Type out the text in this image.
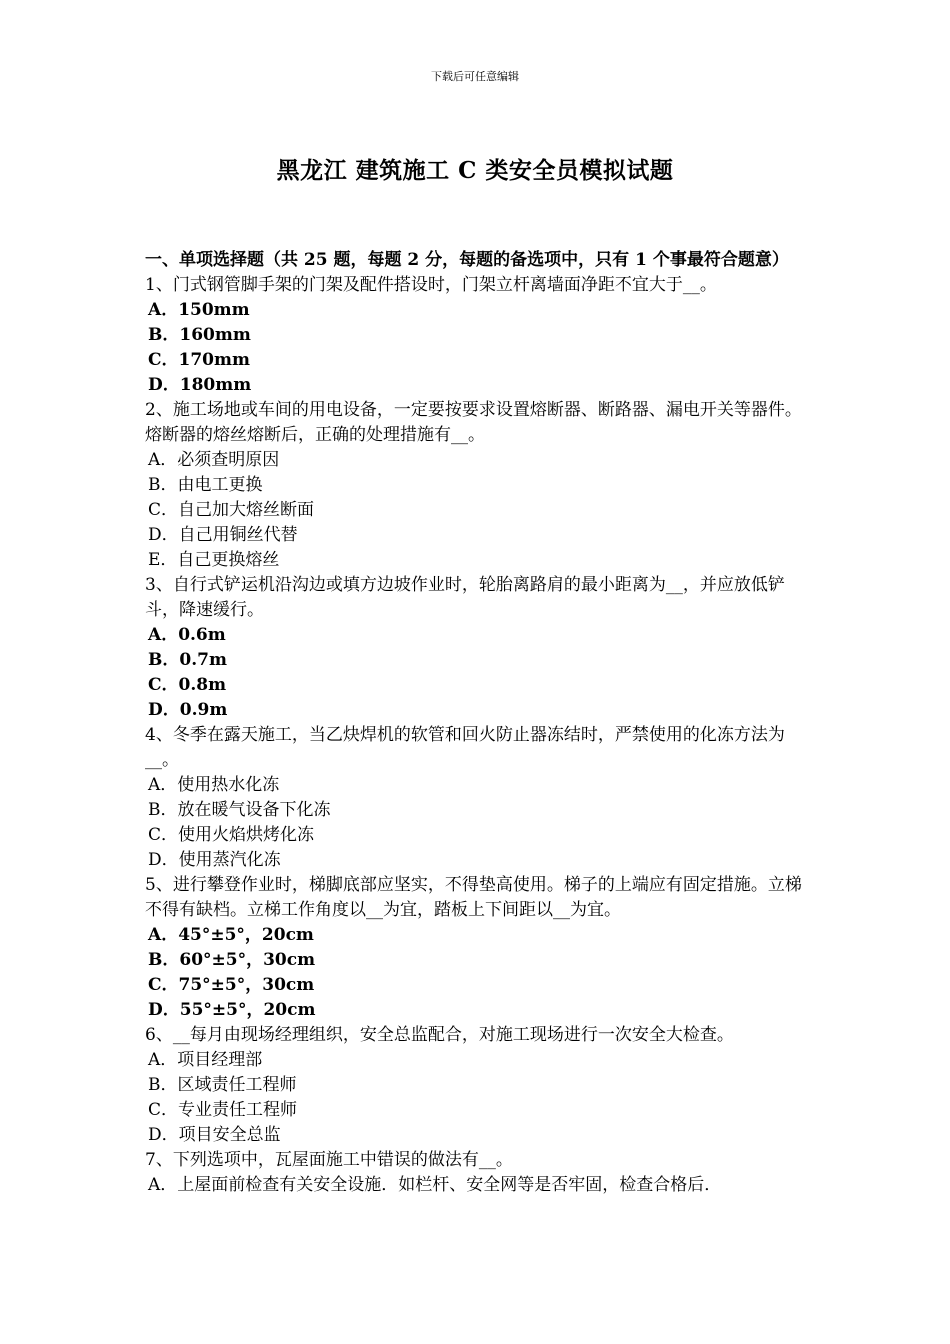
下载后可任意编辑
黑龙江 建筑施工 C 类安全员模拟试题

一、单项选择题（共 25 题，每题 2 分，每题的备选项中，只有 1 个事最符合题意）

1、门式钢管脚手架的门架及配件搭设时，门架立杆离墙面净距不宜大于__。

A．150mm

B．160mm

C．170mm

D．180mm

2、施工场地或车间的用电设备，一定要按要求设置熔断器、断路器、漏电开关等器件。熔断器的熔丝熔断后，正确的处理措施有__。

A．必须查明原因

B．由电工更换

C．自己加大熔丝断面

D．自己用铜丝代替

E．自己更换熔丝

3、自行式铲运机沿沟边或填方边坡作业时，轮胎离路肩的最小距离为__，并应放低铲斗，降速缓行。

A．0.6m

B．0.7m

C．0.8m

D．0.9m

4、冬季在露天施工，当乙炔焊机的软管和回火防止器冻结时，严禁使用的化冻方法为__。

A．使用热水化冻

B．放在暖气设备下化冻

C．使用火焰烘烤化冻

D．使用蒸汽化冻

5、进行攀登作业时，梯脚底部应坚实，不得垫高使用。梯子的上端应有固定措施。立梯不得有缺档。立梯工作角度以__为宜，踏板上下间距以__为宜。

A．45°±5°，20cm

B．60°±5°，30cm

C．75°±5°，30cm

D．55°±5°，20cm

6、__每月由现场经理组织，安全总监配合，对施工现场进行一次安全大检查。

A．项目经理部

B．区域责任工程师

C．专业责任工程师

D．项目安全总监

7、下列选项中，瓦屋面施工中错误的做法有__。

A．上屋面前检查有关安全设施．如栏杆、安全网等是否牢固，检查合格后．
